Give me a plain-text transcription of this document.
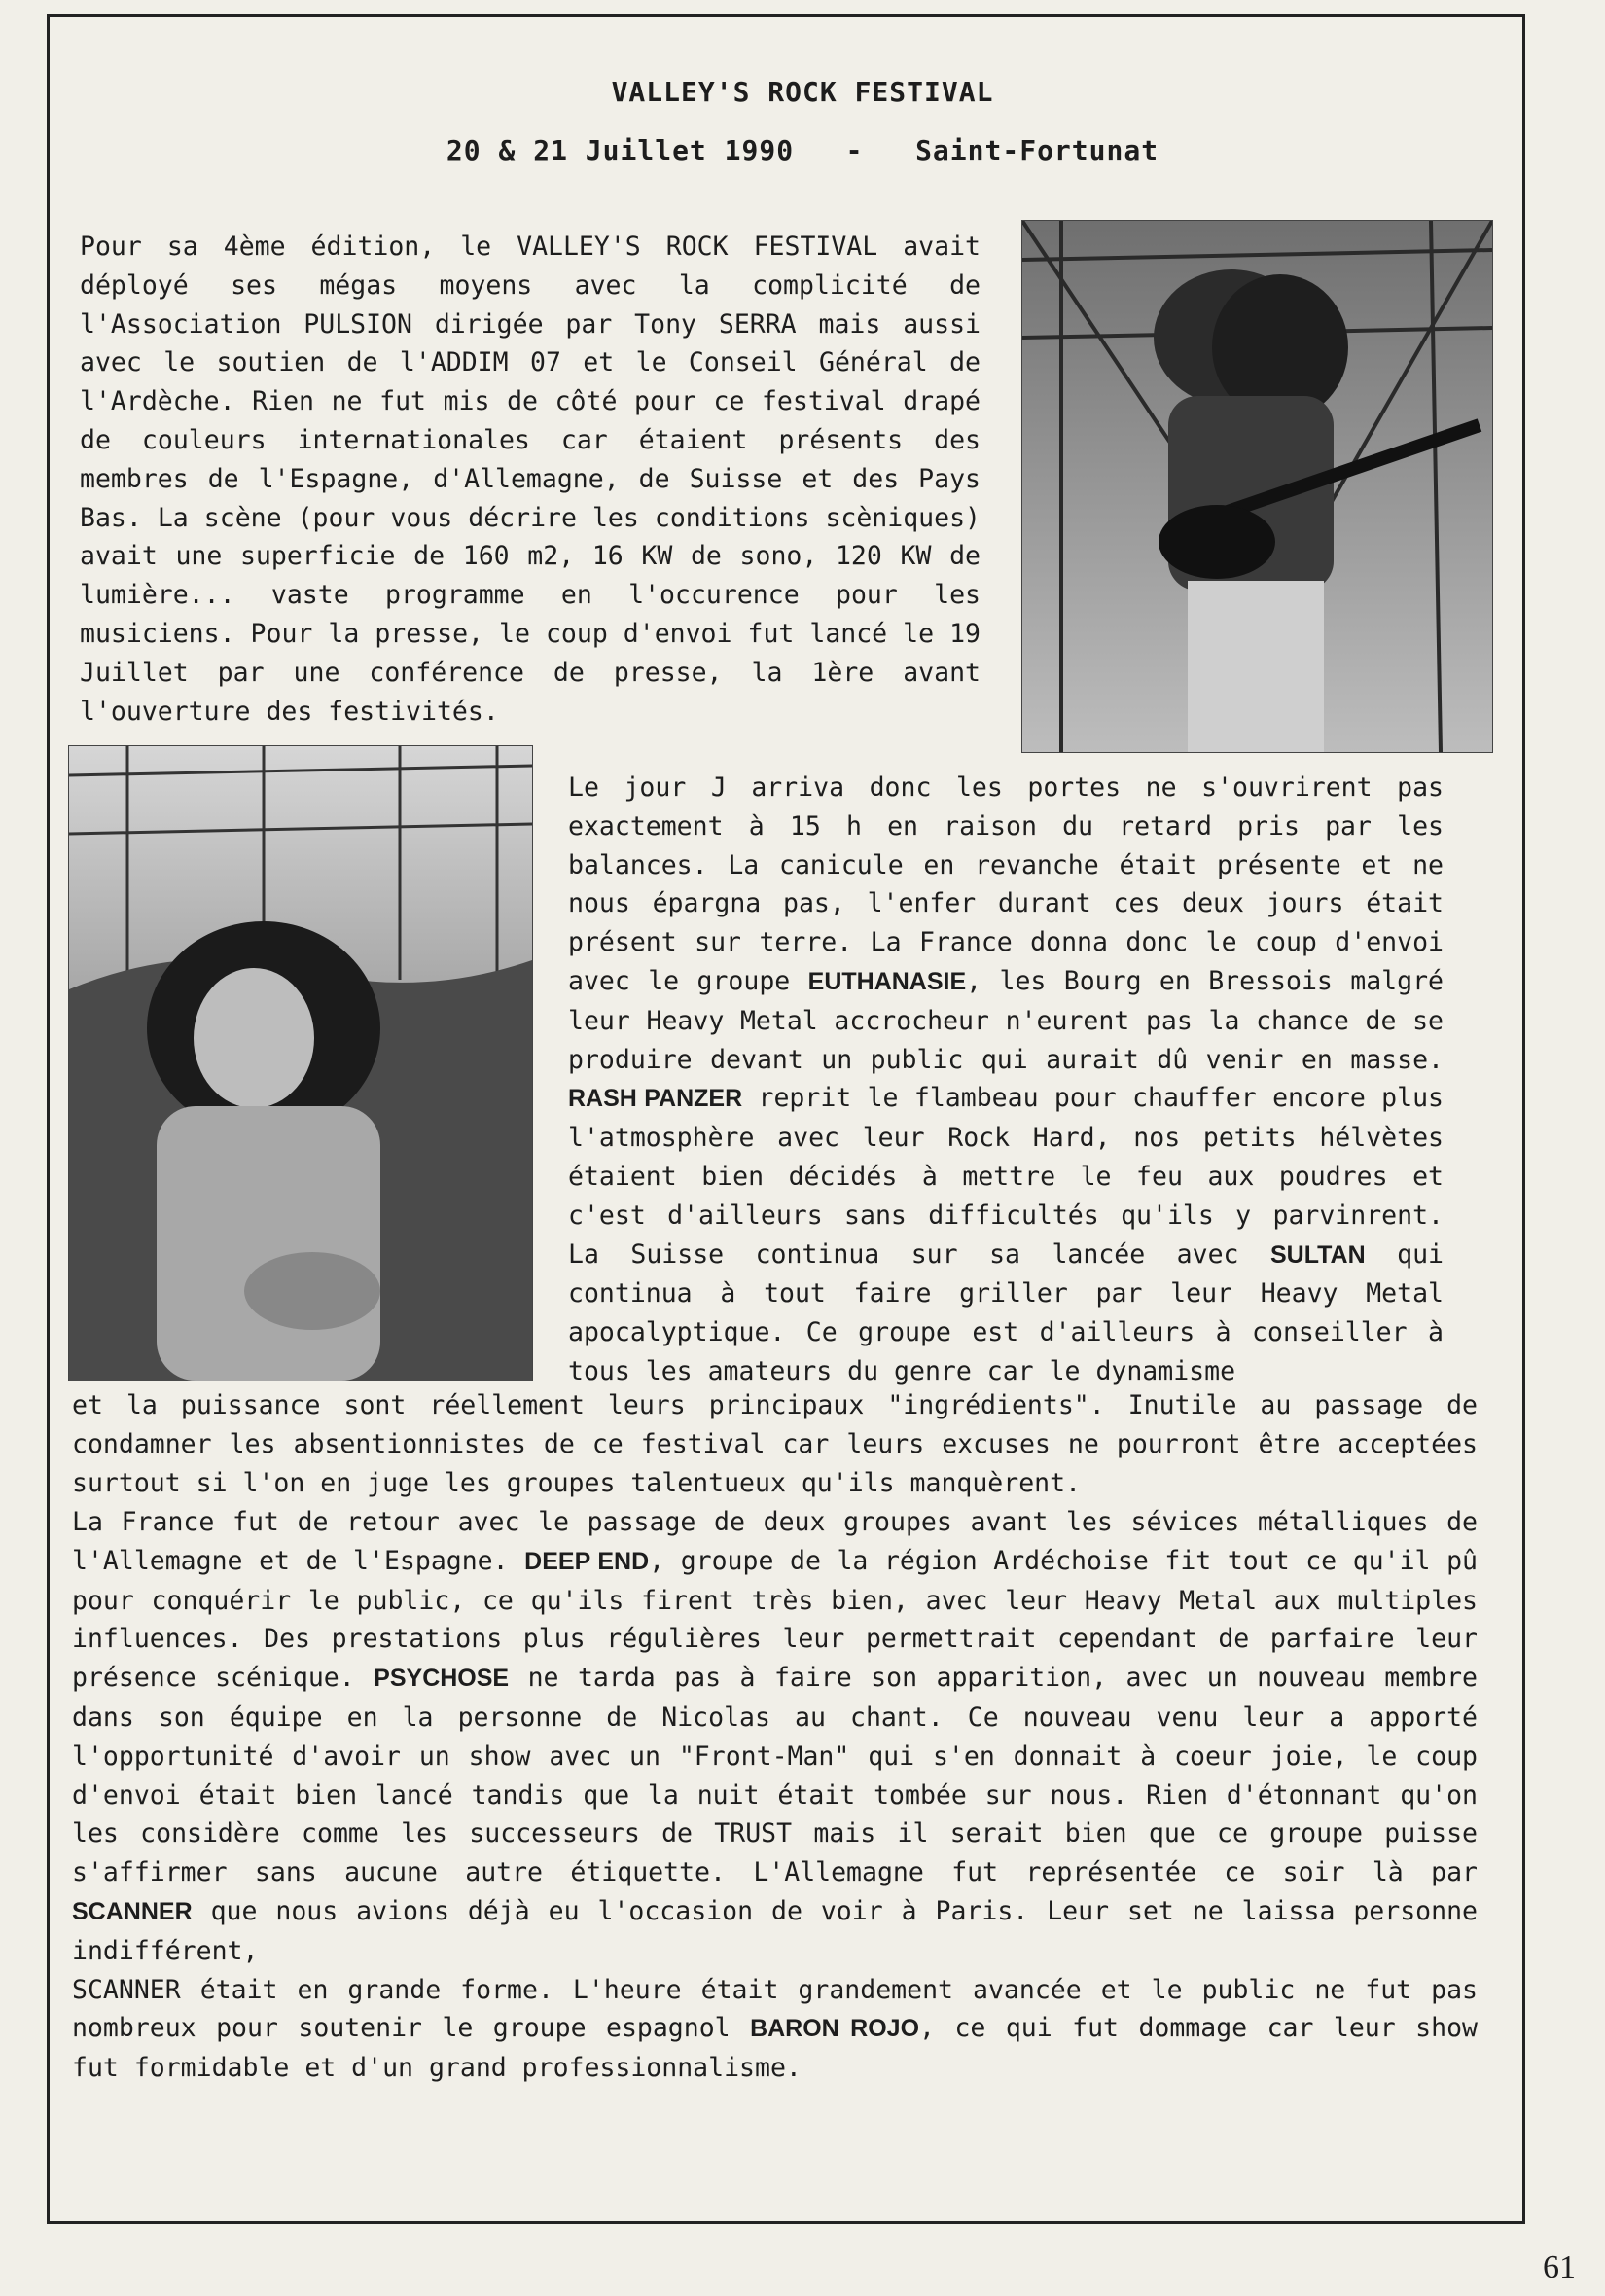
VALLEY'S ROCK FESTIVAL
20 & 21 Juillet 1990   -   Saint-Fortunat

Pour sa 4ème édition, le VALLEY'S ROCK FESTIVAL avait déployé ses mégas moyens avec la complicité de l'Association PULSION dirigée par Tony SERRA mais aussi avec le soutien de l'ADDIM 07 et le Conseil Général de l'Ardèche. Rien ne fut mis de côté pour ce festival drapé de couleurs internationales car étaient présents des membres de l'Espagne, d'Allemagne, de Suisse et des Pays Bas. La scène (pour vous décrire les conditions scèniques) avait une superficie de 160 m2, 16 KW de sono, 120 KW de lumière... vaste programme en l'occurence pour les musiciens. Pour la presse, le coup d'envoi fut lancé le 19 Juillet par une conférence de presse, la 1ère avant l'ouverture des festivités.

Le jour J arriva donc les portes ne s'ouvrirent pas exactement à 15 h en raison du retard pris par les balances. La canicule en revanche était présente et ne nous épargna pas, l'enfer durant ces deux jours était présent sur terre. La France donna donc le coup d'envoi avec le groupe EUTHANASIE, les Bourg en Bressois malgré leur Heavy Metal accrocheur n'eurent pas la chance de se produire devant un public qui aurait dû venir en masse. RASH PANZER reprit le flambeau pour chauffer encore plus l'atmosphère avec leur Rock Hard, nos petits hélvètes étaient bien décidés à mettre le feu aux poudres et c'est d'ailleurs sans difficultés qu'ils y parvinrent. La Suisse continua sur sa lancée avec SULTAN qui continua à tout faire griller par leur Heavy Metal apocalyptique. Ce groupe est d'ailleurs à conseiller à tous les amateurs du genre car le dynamisme

et la puissance sont réellement leurs principaux "ingrédients". Inutile au passage de condamner les absentionnistes de ce festival car leurs excuses ne pourront être acceptées surtout si l'on en juge les groupes talentueux qu'ils manquèrent.

La France fut de retour avec le passage de deux groupes avant les sévices métalliques de l'Allemagne et de l'Espagne. DEEP END, groupe de la région Ardéchoise fit tout ce qu'il pû pour conquérir le public, ce qu'ils firent très bien, avec leur Heavy Metal aux multiples influences. Des prestations plus régulières leur permettrait cependant de parfaire leur présence scénique. PSYCHOSE ne tarda pas à faire son apparition, avec un nouveau membre dans son équipe en la personne de Nicolas au chant. Ce nouveau venu leur a apporté l'opportunité d'avoir un show avec un "Front-Man" qui s'en donnait à coeur joie, le coup d'envoi était bien lancé tandis que la nuit était tombée sur nous. Rien d'étonnant qu'on les considère comme les successeurs de TRUST mais il serait bien que ce groupe puisse s'affirmer sans aucune autre étiquette. L'Allemagne fut représentée ce soir là par SCANNER que nous avions déjà eu l'occasion de voir à Paris. Leur set ne laissa personne indifférent,

SCANNER était en grande forme. L'heure était grandement avancée et le public ne fut pas nombreux pour soutenir le groupe espagnol BARON ROJO, ce qui fut dommage car leur show fut formidable et d'un grand professionnalisme.

61
